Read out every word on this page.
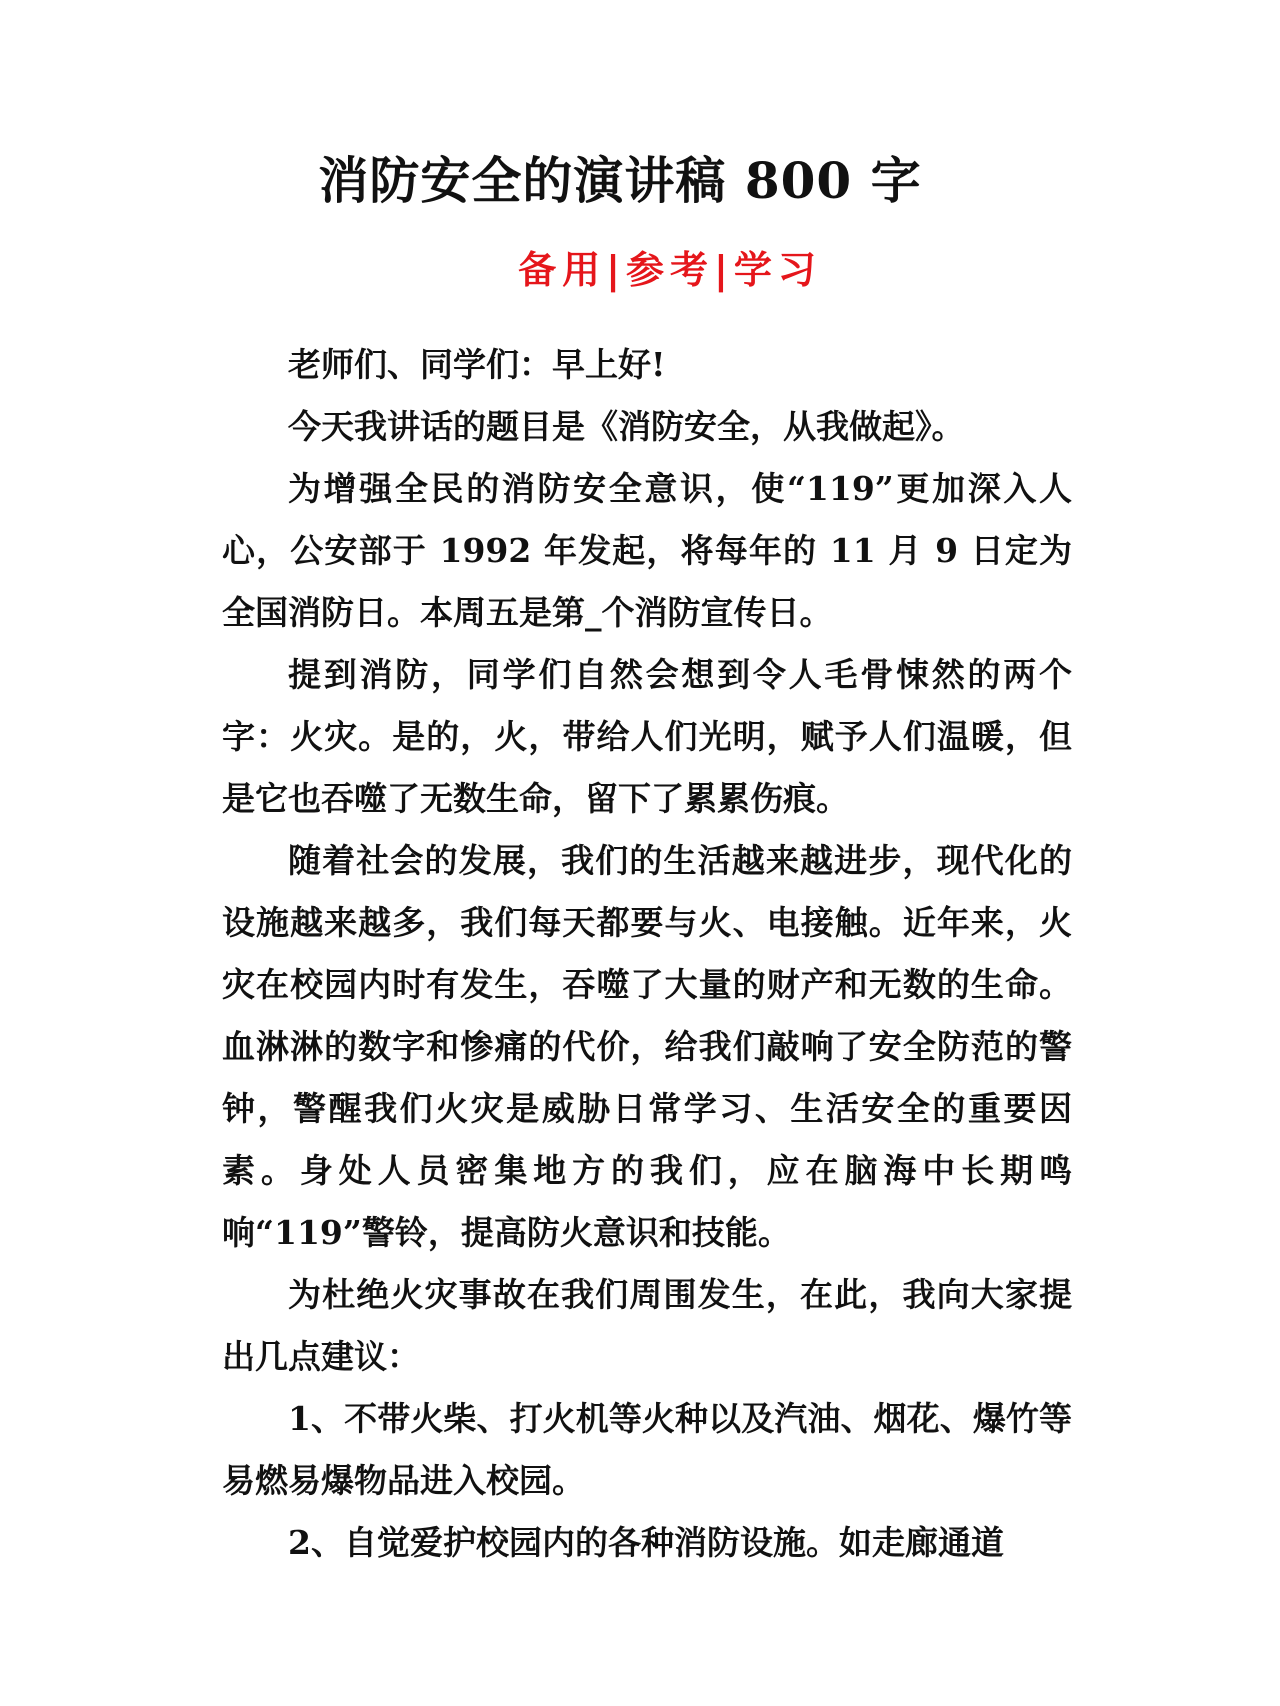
消防安全的演讲稿 800 字
备用|参考|学习

老师们、同学们：早上好!

今天我讲话的题目是《消防安全，从我做起》。

为增强全民的消防安全意识，使“119”更加深入人心，公安部于 1992 年发起，将每年的 11 月 9 日定为全国消防日。本周五是第_个消防宣传日。

提到消防，同学们自然会想到令人毛骨悚然的两个字：火灾。是的，火，带给人们光明，赋予人们温暖，但是它也吞噬了无数生命，留下了累累伤痕。

随着社会的发展，我们的生活越来越进步，现代化的设施越来越多，我们每天都要与火、电接触。近年来，火灾在校园内时有发生，吞噬了大量的财产和无数的生命。血淋淋的数字和惨痛的代价，给我们敲响了安全防范的警钟，警醒我们火灾是威胁日常学习、生活安全的重要因素。身处人员密集地方的我们，应在脑海中长期鸣响“119”警铃，提高防火意识和技能。

为杜绝火灾事故在我们周围发生，在此，我向大家提出几点建议：

1、不带火柴、打火机等火种以及汽油、烟花、爆竹等易燃易爆物品进入校园。

2、自觉爱护校园内的各种消防设施。如走廊通道
